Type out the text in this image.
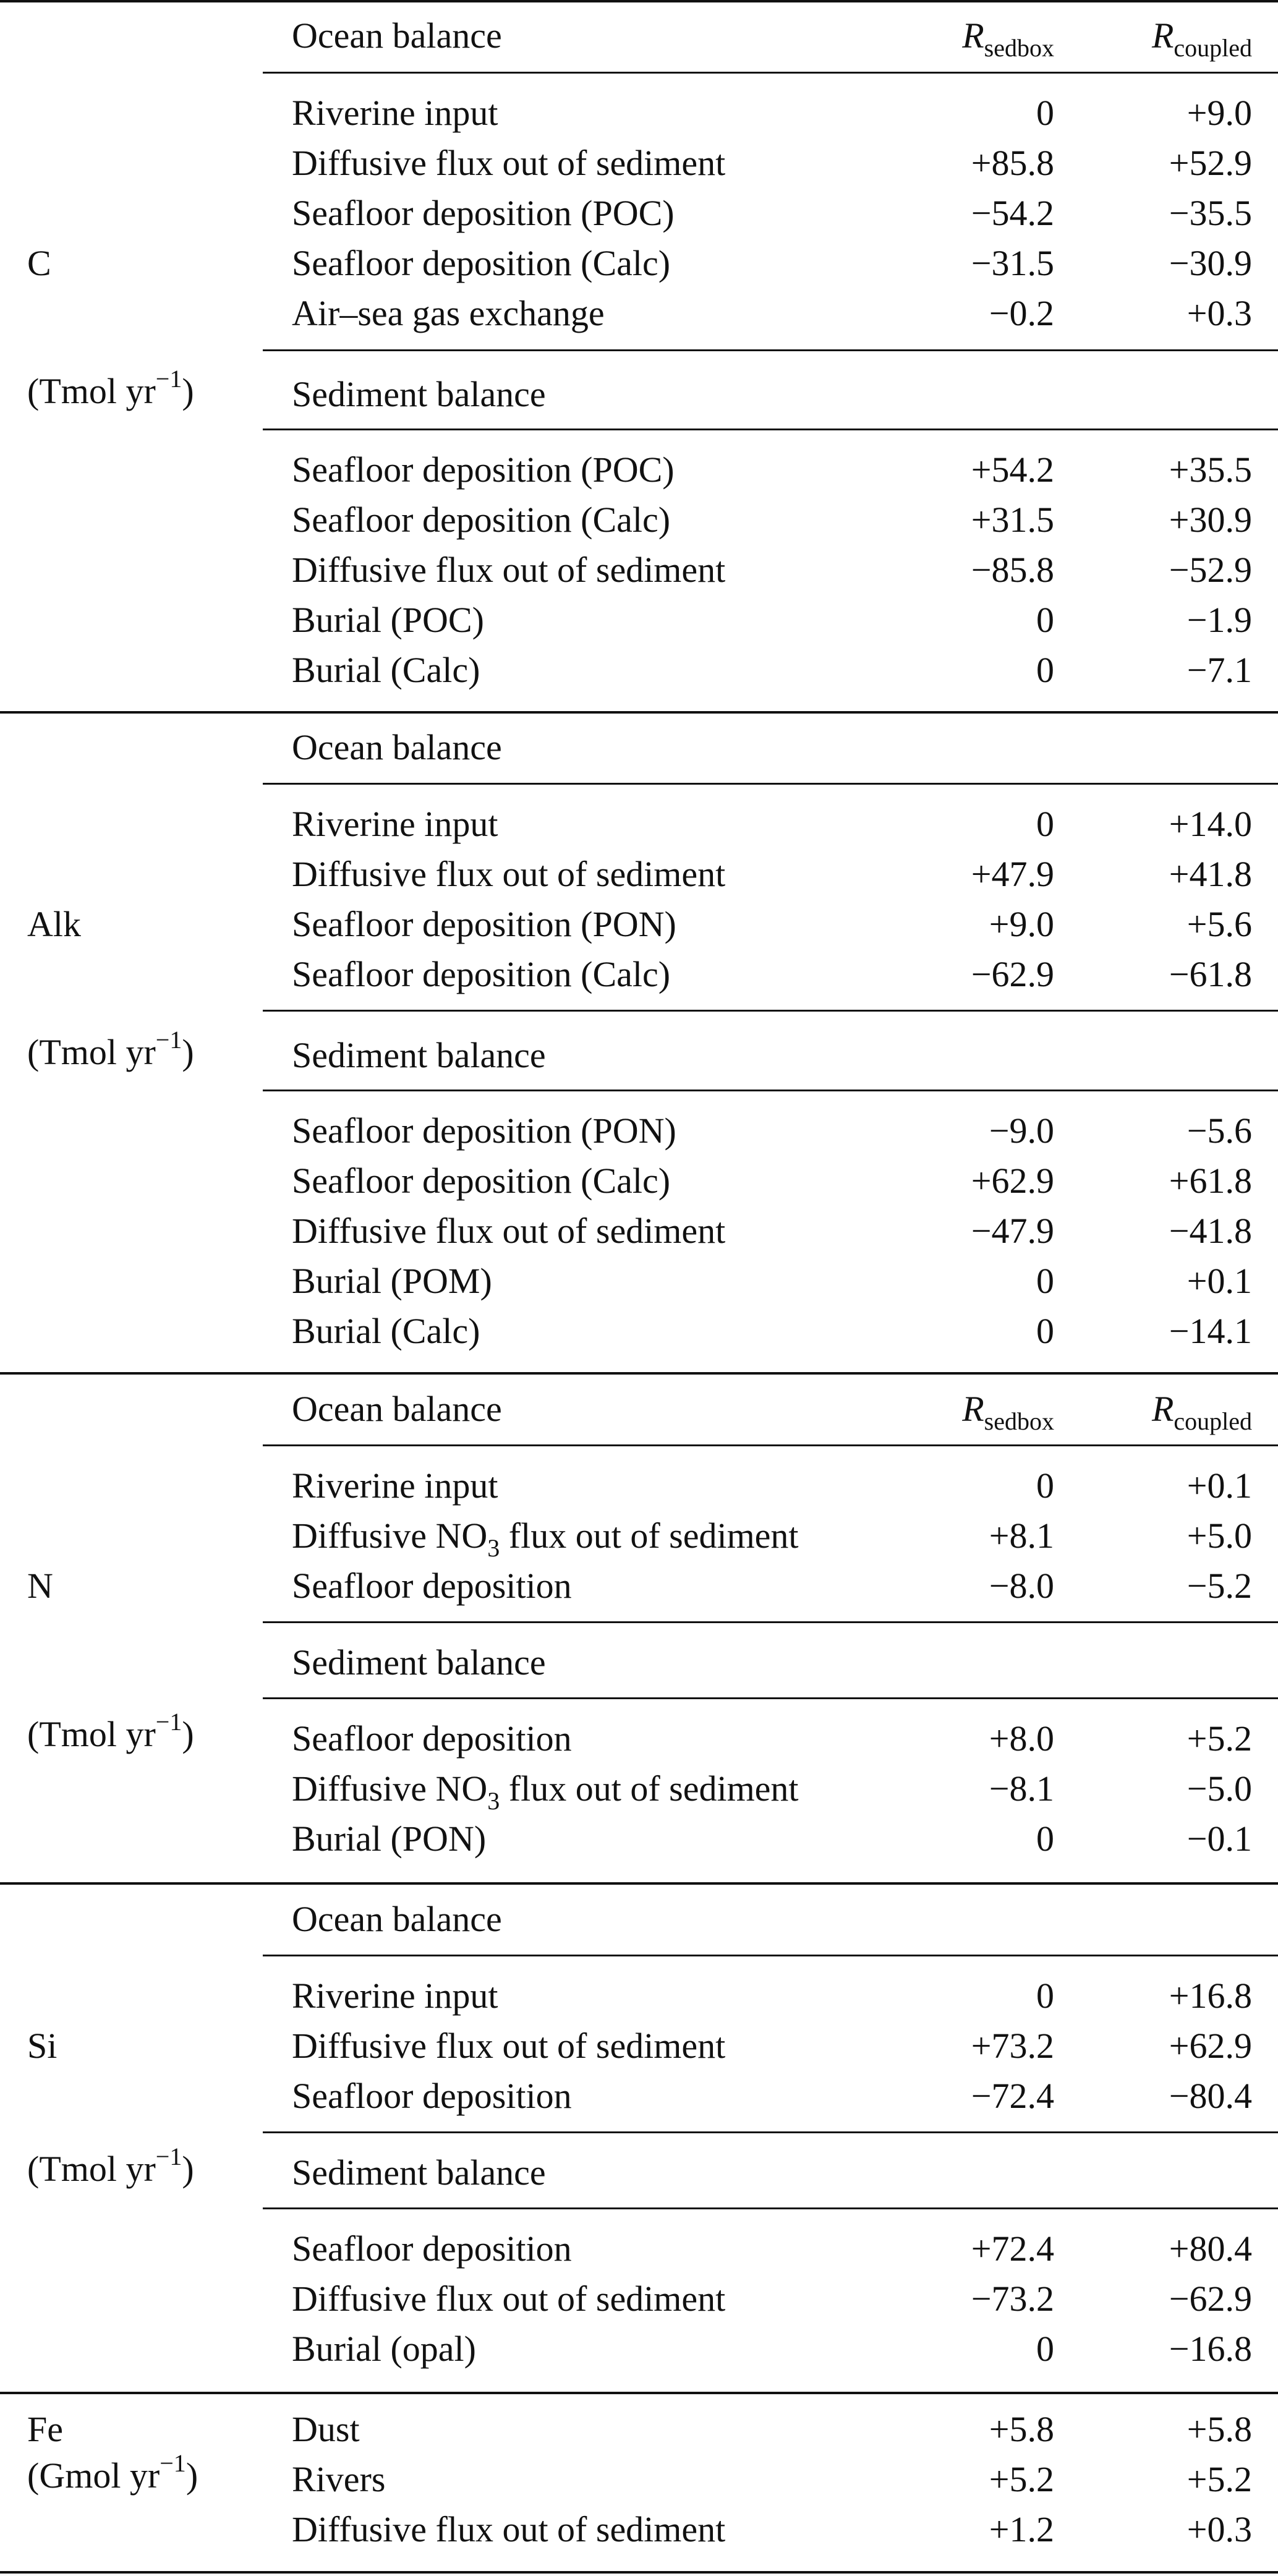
Ocean balance	$R_{sedbox}$	$R_{coupled}$
Riverine input	0	+9.0
Diffusive flux out of sediment	+85.8	+52.9
Seafloor deposition (POC)	−54.2	−35.5
C	Seafloor deposition (Calc)	−31.5	−30.9
Air–sea gas exchange	−0.2	+0.3
(Tmol $yr^{-1}$)	Sediment balance
Seafloor deposition (POC)	+54.2	+35.5
Seafloor deposition (Calc)	+31.5	+30.9
Diffusive flux out of sediment	−85.8	−52.9
Burial (POC)	0	−1.9
Burial (Calc)	0	−7.1
Ocean balance
Riverine input	0	+14.0
Diffusive flux out of sediment	+47.9	+41.8
Alk	Seafloor deposition (PON)	+9.0	+5.6
Seafloor deposition (Calc)	−62.9	−61.8
(Tmol $yr^{-1}$)	Sediment balance
Seafloor deposition (PON)	−9.0	−5.6
Seafloor deposition (Calc)	+62.9	+61.8
Diffusive flux out of sediment	−47.9	−41.8
Burial (POM)	0	+0.1
Burial (Calc)	0	−14.1
Ocean balance	$R_{sedbox}$	$R_{coupled}$
Riverine input	0	+0.1
Diffusive $NO_3$ flux out of sediment	+8.1	+5.0
N	Seafloor deposition	−8.0	−5.2
Sediment balance
(Tmol $yr^{-1}$)	Seafloor deposition	+8.0	+5.2
Diffusive $NO_3$ flux out of sediment	−8.1	−5.0
Burial (PON)	0	−0.1
Ocean balance
Riverine input	0	+16.8
Si	Diffusive flux out of sediment	+73.2	+62.9
Seafloor deposition	−72.4	−80.4
(Tmol $yr^{-1}$)	Sediment balance
Seafloor deposition	+72.4	+80.4
Diffusive flux out of sediment	−73.2	−62.9
Burial (opal)	0	−16.8
Fe	Dust	+5.8	+5.8
(Gmol $yr^{-1}$)	Rivers	+5.2	+5.2
Diffusive flux out of sediment	+1.2	+0.3
